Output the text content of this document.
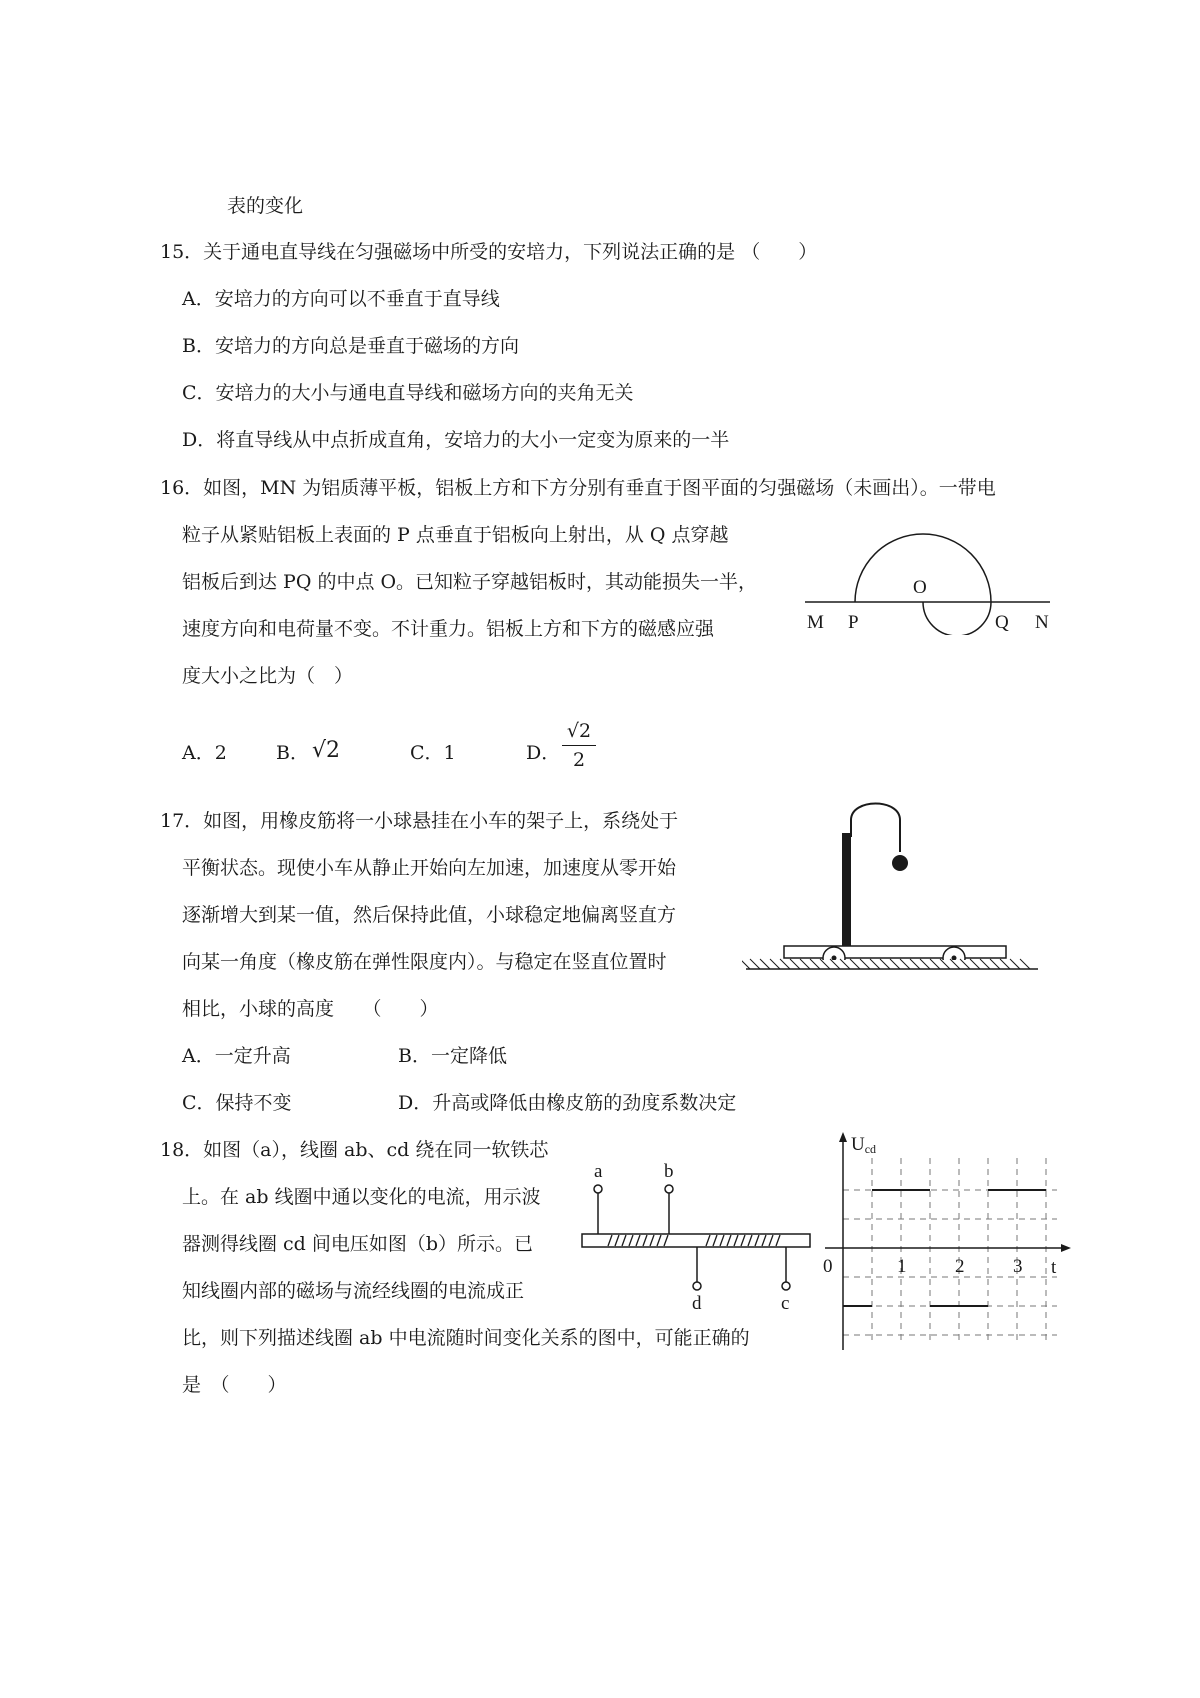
表的变化
15．关于通电直导线在匀强磁场中所受的安培力，下列说法正确的是 （　　）
A．安培力的方向可以不垂直于直导线
B．安培力的方向总是垂直于磁场的方向
C．安培力的大小与通电直导线和磁场方向的夹角无关
D．将直导线从中点折成直角，安培力的大小一定变为原来的一半
16．如图，MN 为铝质薄平板，铝板上方和下方分别有垂直于图平面的匀强磁场（未画出）。一带电
粒子从紧贴铝板上表面的 P 点垂直于铝板向上射出，从 Q 点穿越
铝板后到达 PQ 的中点 O。已知粒子穿越铝板时，其动能损失一半，
速度方向和电荷量不变。不计重力。铝板上方和下方的磁感应强
度大小之比为（　）
A．2	B． √2	C．1	D．
√2
2
17．如图，用橡皮筋将一小球悬挂在小车的架子上，系绕处于
平衡状态。现使小车从静止开始向左加速，加速度从零开始
逐渐增大到某一值，然后保持此值，小球稳定地偏离竖直方
向某一角度（橡皮筋在弹性限度内）。与稳定在竖直位置时
相比，小球的高度　　（　　）
A．一定升高	B．一定降低
C．保持不变	D．升高或降低由橡皮筋的劲度系数决定
18．如图（a），线圈 ab、cd 绕在同一软铁芯
上。在 ab 线圈中通以变化的电流，用示波
器测得线圈 cd 间电压如图（b）所示。已
知线圈内部的磁场与流经线圈的电流成正
比，则下列描述线圈 ab 中电流随时间变化关系的图中，可能正确的
是　（　　）
M P
O
Q N
a	b
d	c
Ucd
t
0	1	2	3
